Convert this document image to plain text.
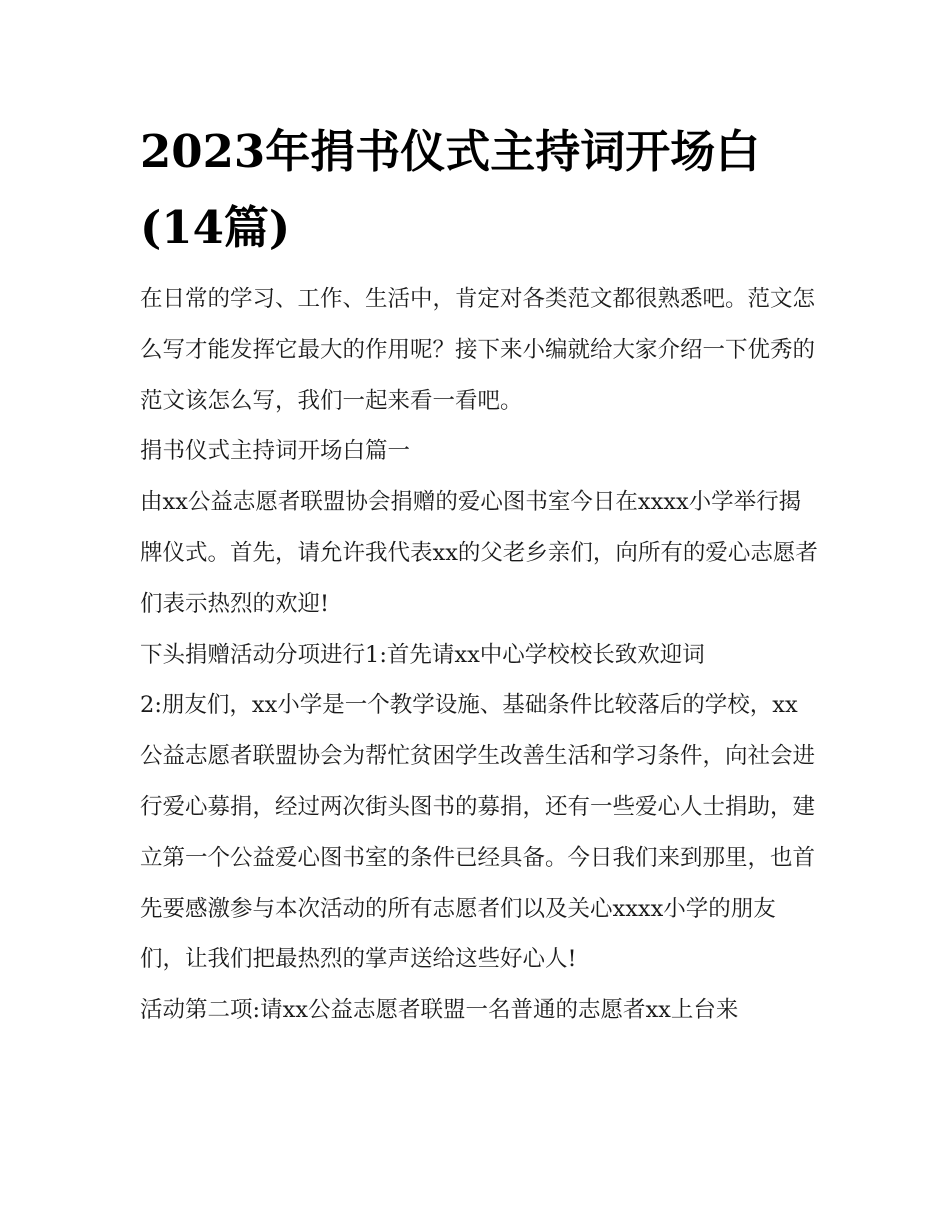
2023年捐书仪式主持词开场白(14篇)

在日常的学习、工作、生活中，肯定对各类范文都很熟悉吧。范文怎么写才能发挥它最大的作用呢？接下来小编就给大家介绍一下优秀的范文该怎么写，我们一起来看一看吧。

捐书仪式主持词开场白篇一

由xx公益志愿者联盟协会捐赠的爱心图书室今日在xxxx小学举行揭牌仪式。首先，请允许我代表xx的父老乡亲们，向所有的爱心志愿者们表示热烈的欢迎!

下头捐赠活动分项进行1:首先请xx中心学校校长致欢迎词

2:朋友们，xx小学是一个教学设施、基础条件比较落后的学校，xx公益志愿者联盟协会为帮忙贫困学生改善生活和学习条件，向社会进行爱心募捐，经过两次街头图书的募捐，还有一些爱心人士捐助，建立第一个公益爱心图书室的条件已经具备。今日我们来到那里，也首先要感激参与本次活动的所有志愿者们以及关心xxxx小学的朋友们，让我们把最热烈的掌声送给这些好心人!

活动第二项:请xx公益志愿者联盟一名普通的志愿者xx上台来
